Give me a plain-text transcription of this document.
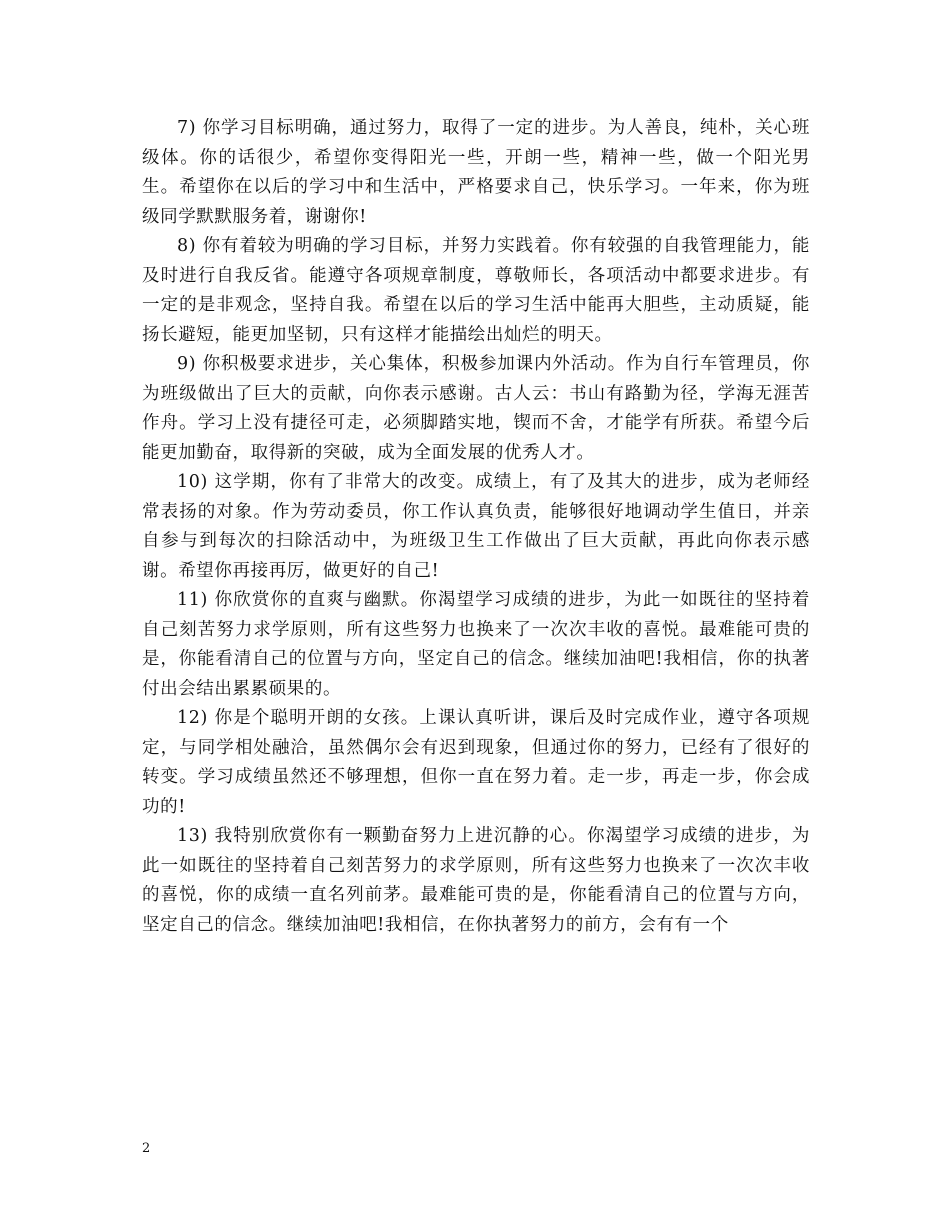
7) 你学习目标明确，通过努力，取得了一定的进步。为人善良，纯朴，关心班级体。你的话很少，希望你变得阳光一些，开朗一些，精神一些，做一个阳光男生。希望你在以后的学习中和生活中，严格要求自己，快乐学习。一年来，你为班级同学默默服务着，谢谢你!

8) 你有着较为明确的学习目标，并努力实践着。你有较强的自我管理能力，能及时进行自我反省。能遵守各项规章制度，尊敬师长，各项活动中都要求进步。有一定的是非观念，坚持自我。希望在以后的学习生活中能再大胆些，主动质疑，能扬长避短，能更加坚韧，只有这样才能描绘出灿烂的明天。

9) 你积极要求进步，关心集体，积极参加课内外活动。作为自行车管理员，你为班级做出了巨大的贡献，向你表示感谢。古人云：书山有路勤为径，学海无涯苦作舟。学习上没有捷径可走，必须脚踏实地，锲而不舍，才能学有所获。希望今后能更加勤奋，取得新的突破，成为全面发展的优秀人才。

10) 这学期，你有了非常大的改变。成绩上，有了及其大的进步，成为老师经常表扬的对象。作为劳动委员，你工作认真负责，能够很好地调动学生值日，并亲自参与到每次的扫除活动中，为班级卫生工作做出了巨大贡献，再此向你表示感谢。希望你再接再厉，做更好的自己!

11) 你欣赏你的直爽与幽默。你渴望学习成绩的进步，为此一如既往的坚持着自己刻苦努力求学原则，所有这些努力也换来了一次次丰收的喜悦。最难能可贵的是，你能看清自己的位置与方向，坚定自己的信念。继续加油吧!我相信，你的执著付出会结出累累硕果的。

12) 你是个聪明开朗的女孩。上课认真听讲，课后及时完成作业，遵守各项规定，与同学相处融洽，虽然偶尔会有迟到现象，但通过你的努力，已经有了很好的转变。学习成绩虽然还不够理想，但你一直在努力着。走一步，再走一步，你会成功的!

13) 我特别欣赏你有一颗勤奋努力上进沉静的心。你渴望学习成绩的进步，为此一如既往的坚持着自己刻苦努力的求学原则，所有这些努力也换来了一次次丰收的喜悦，你的成绩一直名列前茅。最难能可贵的是，你能看清自己的位置与方向，坚定自己的信念。继续加油吧!我相信，在你执著努力的前方，会有有一个

2
